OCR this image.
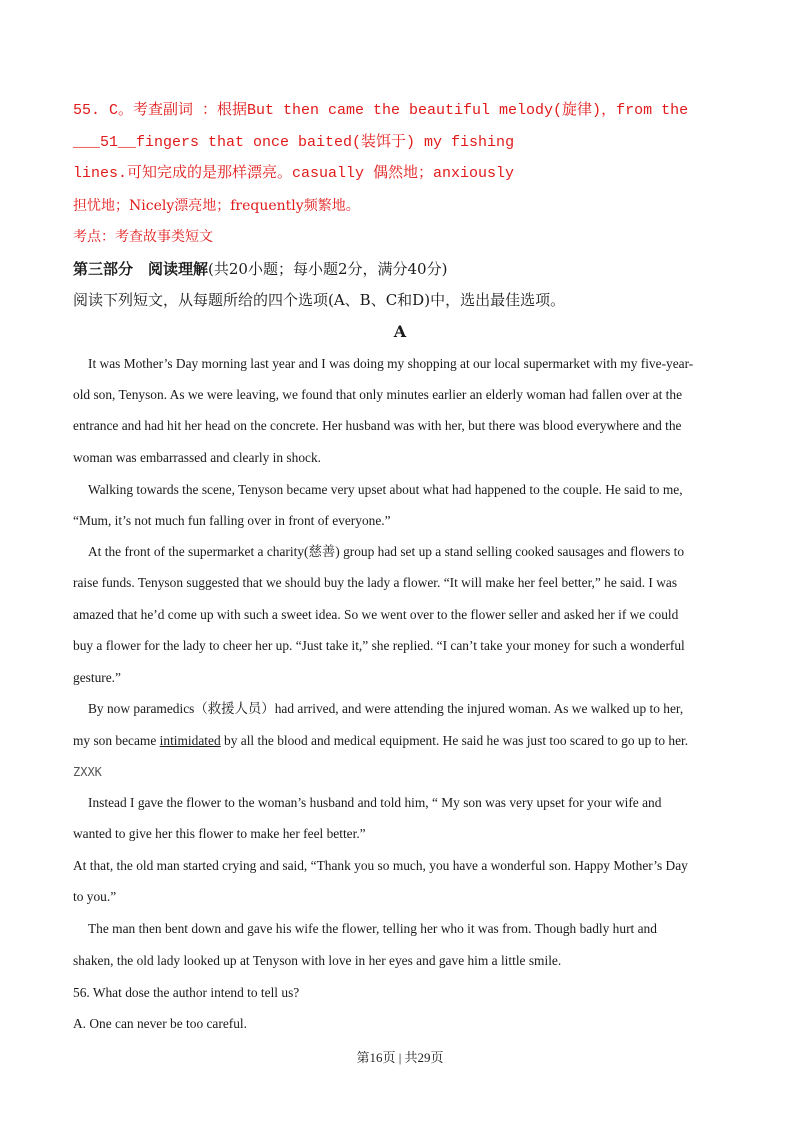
55. C。考查副词 ：根据But then came the beautiful melody(旋律)，from the
___51__fingers that once baited(装饵于) my fishing
lines.可知完成的是那样漂亮。casually 偶然地；anxiously
担忧地；Nicely漂亮地；frequently频繁地。
考点：考查故事类短文
第三部分　阅读理解(共20小题；每小题2分，满分40分)
阅读下列短文，从每题所给的四个选项(A、B、C和D)中，选出最佳选项。
A
It was Mother’s Day morning last year and I was doing my shopping at our local supermarket with my five-year-
old son, Tenyson. As we were leaving, we found that only minutes earlier an elderly woman had fallen over at the
entrance and had hit her head on the concrete. Her husband was with her, but there was blood everywhere and the
woman was embarrassed and clearly in shock.
Walking towards the scene, Tenyson became very upset about what had happened to the couple. He said to me,
“Mum, it’s not much fun falling over in front of everyone.”
At the front of the supermarket a charity(慈善) group had set up a stand selling cooked sausages and flowers to
raise funds. Tenyson suggested that we should buy the lady a flower. “It will make her feel better,” he said. I was
amazed that he’d come up with such a sweet idea. So we went over to the flower seller and asked her if we could
buy a flower for the lady to cheer her up. “Just take it,” she replied. “I can’t take your money for such a wonderful
gesture.”
By now paramedics（救援人员）had arrived, and were attending the injured woman. As we walked up to her,
my son became intimidated by all the blood and medical equipment. He said he was just too scared to go up to her.
ZXXK
Instead I gave the flower to the woman’s husband and told him, “ My son was very upset for your wife and
wanted to give her this flower to make her feel better.”
At that, the old man started crying and said, “Thank you so much, you have a wonderful son. Happy Mother’s Day
to you.”
The man then bent down and gave his wife the flower, telling her who it was from. Though badly hurt and
shaken, the old lady looked up at Tenyson with love in her eyes and gave him a little smile.
56. What dose the author intend to tell us?
A. One can never be too careful.
第16页 | 共29页
